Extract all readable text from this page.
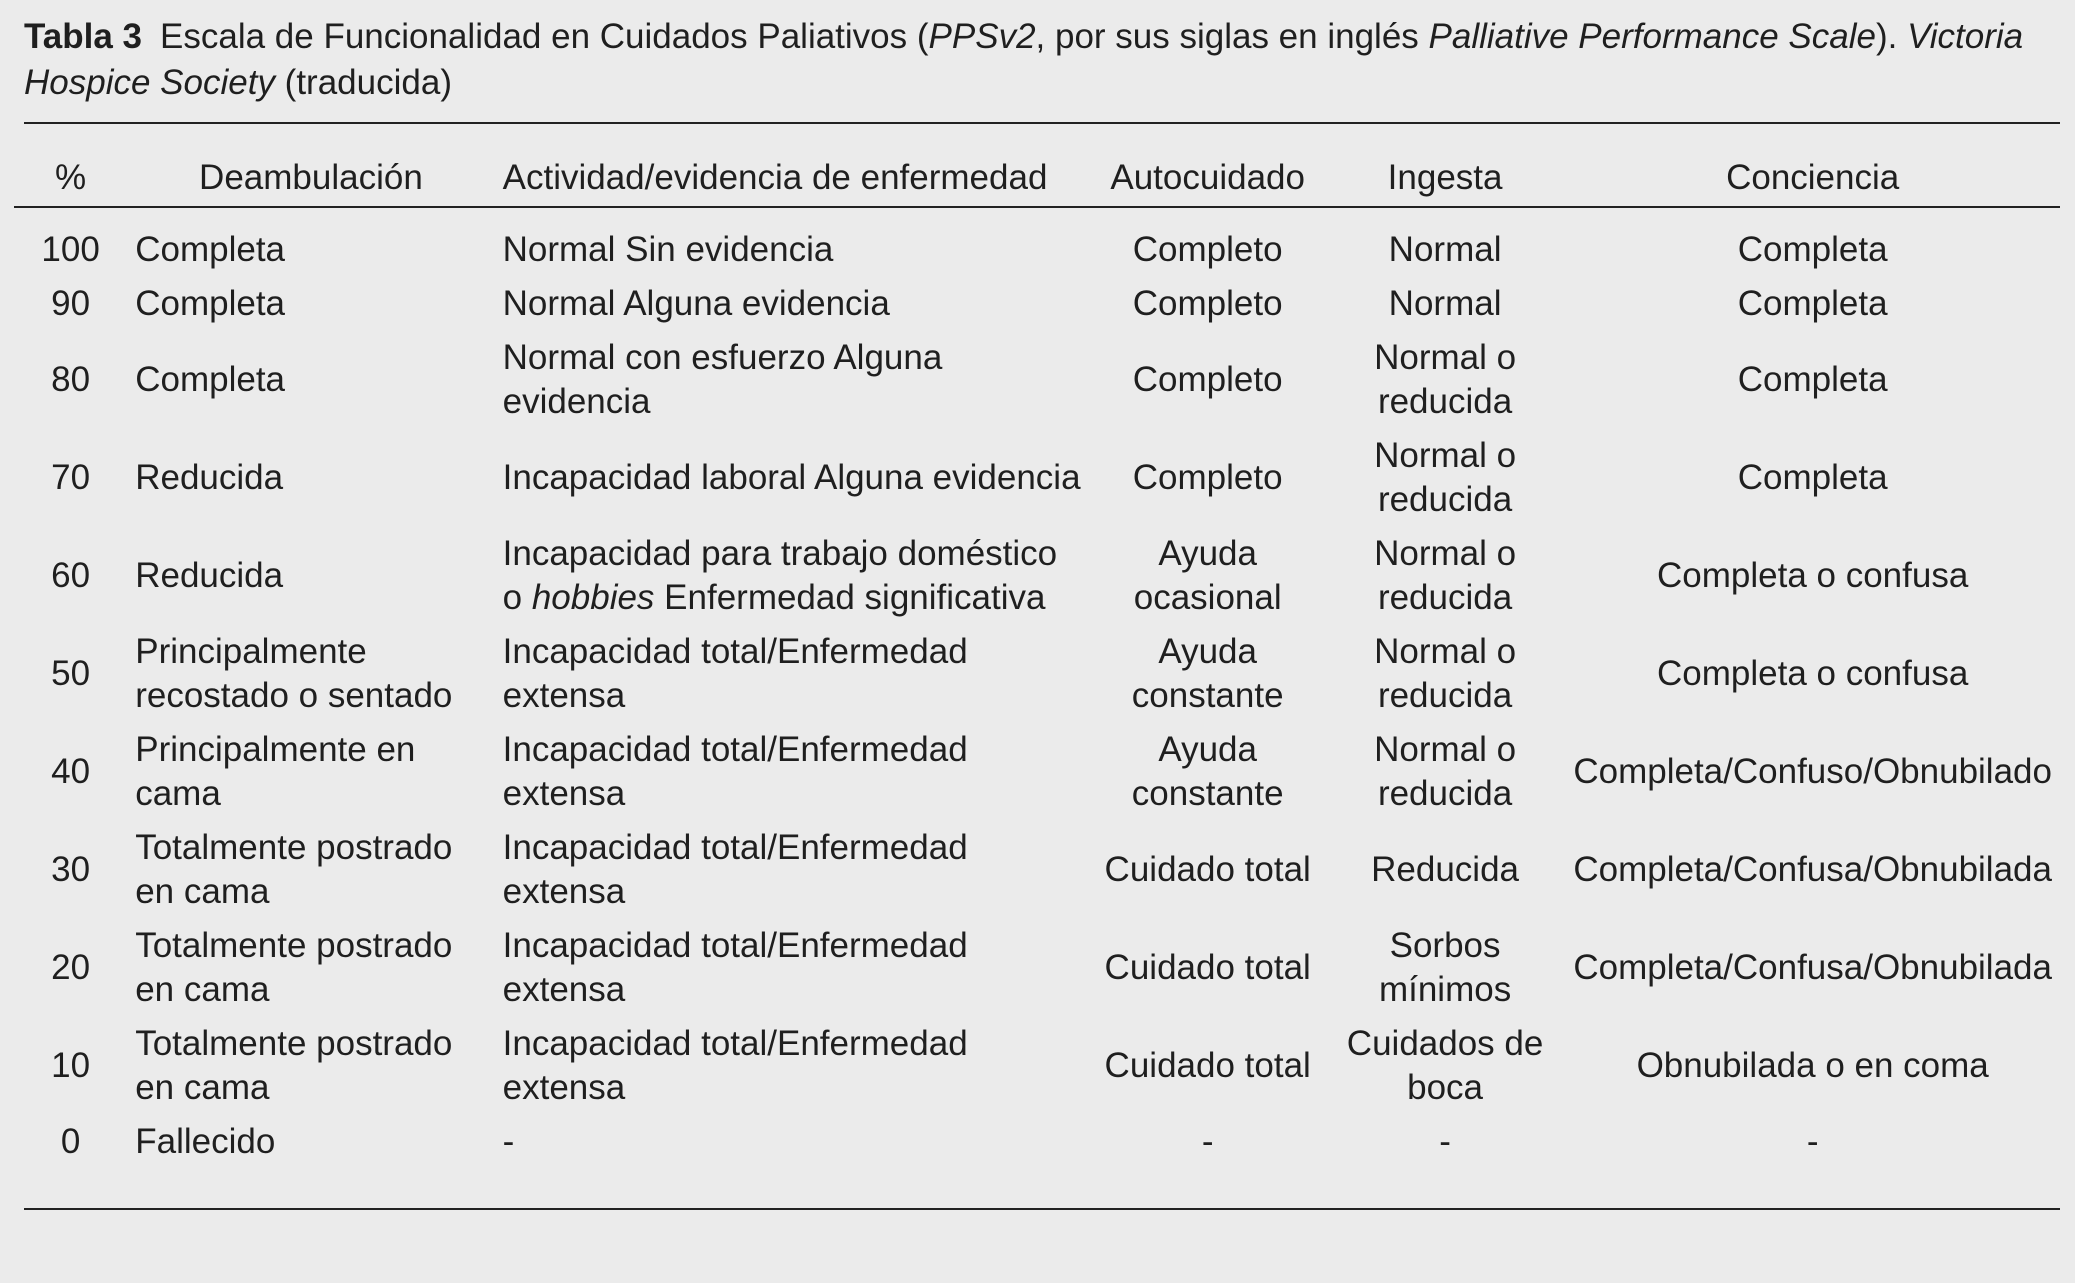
Tabla 3 Escala de Funcionalidad en Cuidados Paliativos (PPSv2, por sus siglas en inglés Palliative Performance Scale). Victoria Hospice Society (traducida)
%	Deambulación	Actividad/evidencia de enfermedad	Autocuidado	Ingesta	Conciencia
100	Completa	Normal Sin evidencia	Completo	Normal	Completa
90	Completa	Normal Alguna evidencia	Completo	Normal	Completa
80	Completa	Normal con esfuerzo Alguna evidencia	Completo	Normal o reducida	Completa
70	Reducida	Incapacidad laboral Alguna evidencia	Completo	Normal o reducida	Completa
60	Reducida	Incapacidad para trabajo doméstico o hobbies Enfermedad significativa	Ayuda ocasional	Normal o reducida	Completa o confusa
50	Principalmente recostado o sentado	Incapacidad total/Enfermedad extensa	Ayuda constante	Normal o reducida	Completa o confusa
40	Principalmente en cama	Incapacidad total/Enfermedad extensa	Ayuda constante	Normal o reducida	Completa/Confuso/Obnubilado
30	Totalmente postrado en cama	Incapacidad total/Enfermedad extensa	Cuidado total	Reducida	Completa/Confusa/Obnubilada
20	Totalmente postrado en cama	Incapacidad total/Enfermedad extensa	Cuidado total	Sorbos mínimos	Completa/Confusa/Obnubilada
10	Totalmente postrado en cama	Incapacidad total/Enfermedad extensa	Cuidado total	Cuidados de boca	Obnubilada o en coma
0	Fallecido	-	-	-	-
